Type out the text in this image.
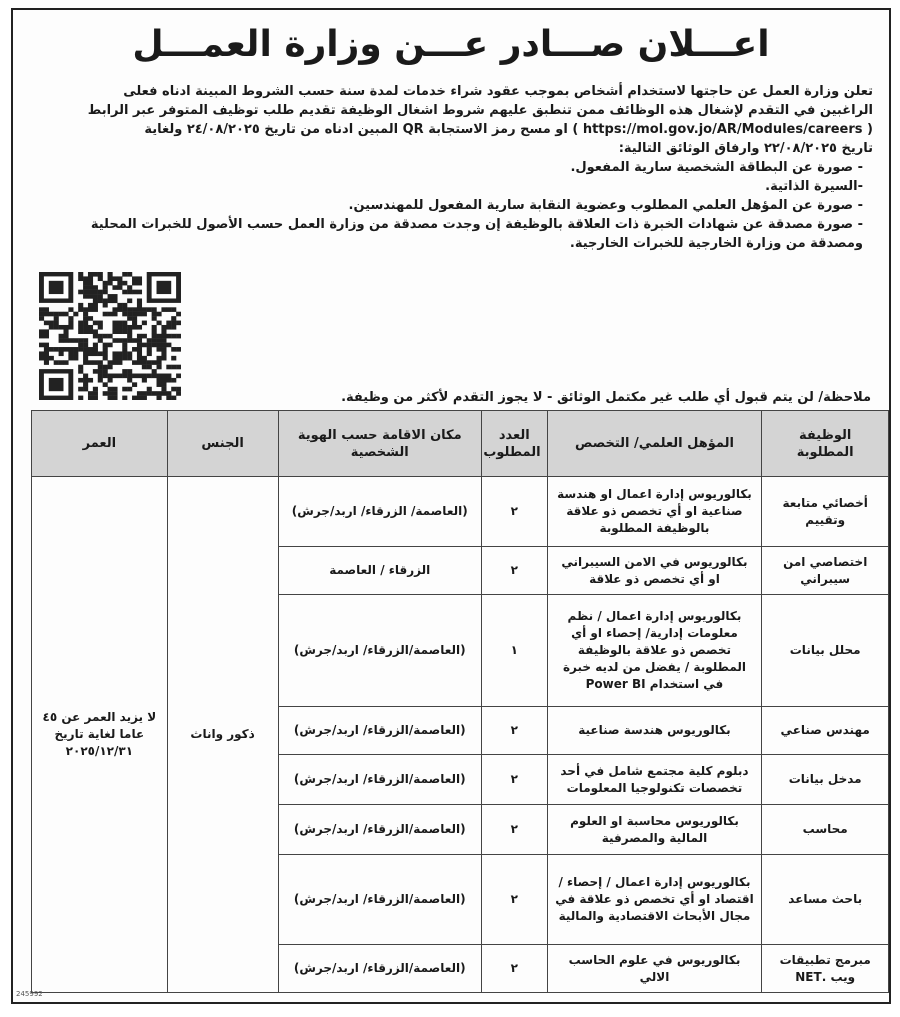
اعـــلان صـــادر عـــن وزارة العمـــل
تعلن وزارة العمل عن حاجتها لاستخدام أشخاص بموجب عقود شراء خدمات لمدة سنة حسب الشروط المبينة ادناه فعلى
الراغبين في التقدم لإشغال هذه الوظائف ممن تنطبق عليهم شروط اشغال الوظيفة تقديم طلب توظيف المتوفر عبر الرابط
( https://mol.gov.jo/AR/Modules/careers ) او مسح رمز الاستجابة QR المبين ادناه من تاريخ ٢٤/٠٨/٢٠٢٥ ولغاية
تاريخ ٢٢/٠٨/٢٠٢٥ وارفاق الوثائق التالية:
- صورة عن البطاقة الشخصية سارية المفعول.
-السيرة الذاتية.
- صورة عن المؤهل العلمي المطلوب وعضوية النقابة سارية المفعول للمهندسين.
- صورة مصدقة عن شهادات الخبرة ذات العلاقة بالوظيفة إن وجدت مصدقة من وزارة العمل حسب الأصول للخبرات المحلية
ومصدقة من وزارة الخارجية للخبرات الخارجية.
ملاحظة/ لن يتم قبول أي طلب غير مكتمل الوثائق - لا يجوز التقدم لأكثر من وظيفة.
الوظيفة المطلوبة	المؤهل العلمي/ التخصص	العدد المطلوب	مكان الاقامة حسب الهوية الشخصية	الجنس	العمر
أخصائي متابعة وتقييم	بكالوريوس إدارة اعمال او هندسة صناعية او أي تخصص ذو علاقة بالوظيفة المطلوبة	٢	(العاصمة/ الزرقاء/ اربد/جرش)	ذكور واناث	لا يزيد العمر عن ٤٥ عاما لغاية تاريخ ٢٠٢٥/١٢/٣١
اختصاصي امن سيبراني	بكالوريوس في الامن السيبراني او أي تخصص ذو علاقة	٢	الزرقاء / العاصمة		
محلل بيانات	بكالوريوس إدارة اعمال / نظم معلومات إدارية/ إحصاء او أي تخصص ذو علاقة بالوظيفة المطلوبة / يفضل من لديه خبرة في استخدام Power BI	١	(العاصمة/الزرقاء/ اربد/جرش)		
مهندس صناعي	بكالوريوس هندسة صناعية	٢	(العاصمة/الزرقاء/ اربد/جرش)		
مدخل بيانات	دبلوم كلية مجتمع شامل في أحد تخصصات تكنولوجيا المعلومات	٢	(العاصمة/الزرقاء/ اربد/جرش)		
محاسب	بكالوريوس محاسبة او العلوم المالية والمصرفية	٢	(العاصمة/الزرقاء/ اربد/جرش)		
باحث مساعد	بكالوريوس إدارة اعمال / إحصاء / اقتصاد او أي تخصص ذو علاقة في مجال الأبحاث الاقتصادية والمالية	٢	(العاصمة/الزرقاء/ اربد/جرش)		
مبرمج تطبيقات ويب .NET	بكالوريوس في علوم الحاسب الالي	٢	(العاصمة/الزرقاء/ اربد/جرش)		
245992
